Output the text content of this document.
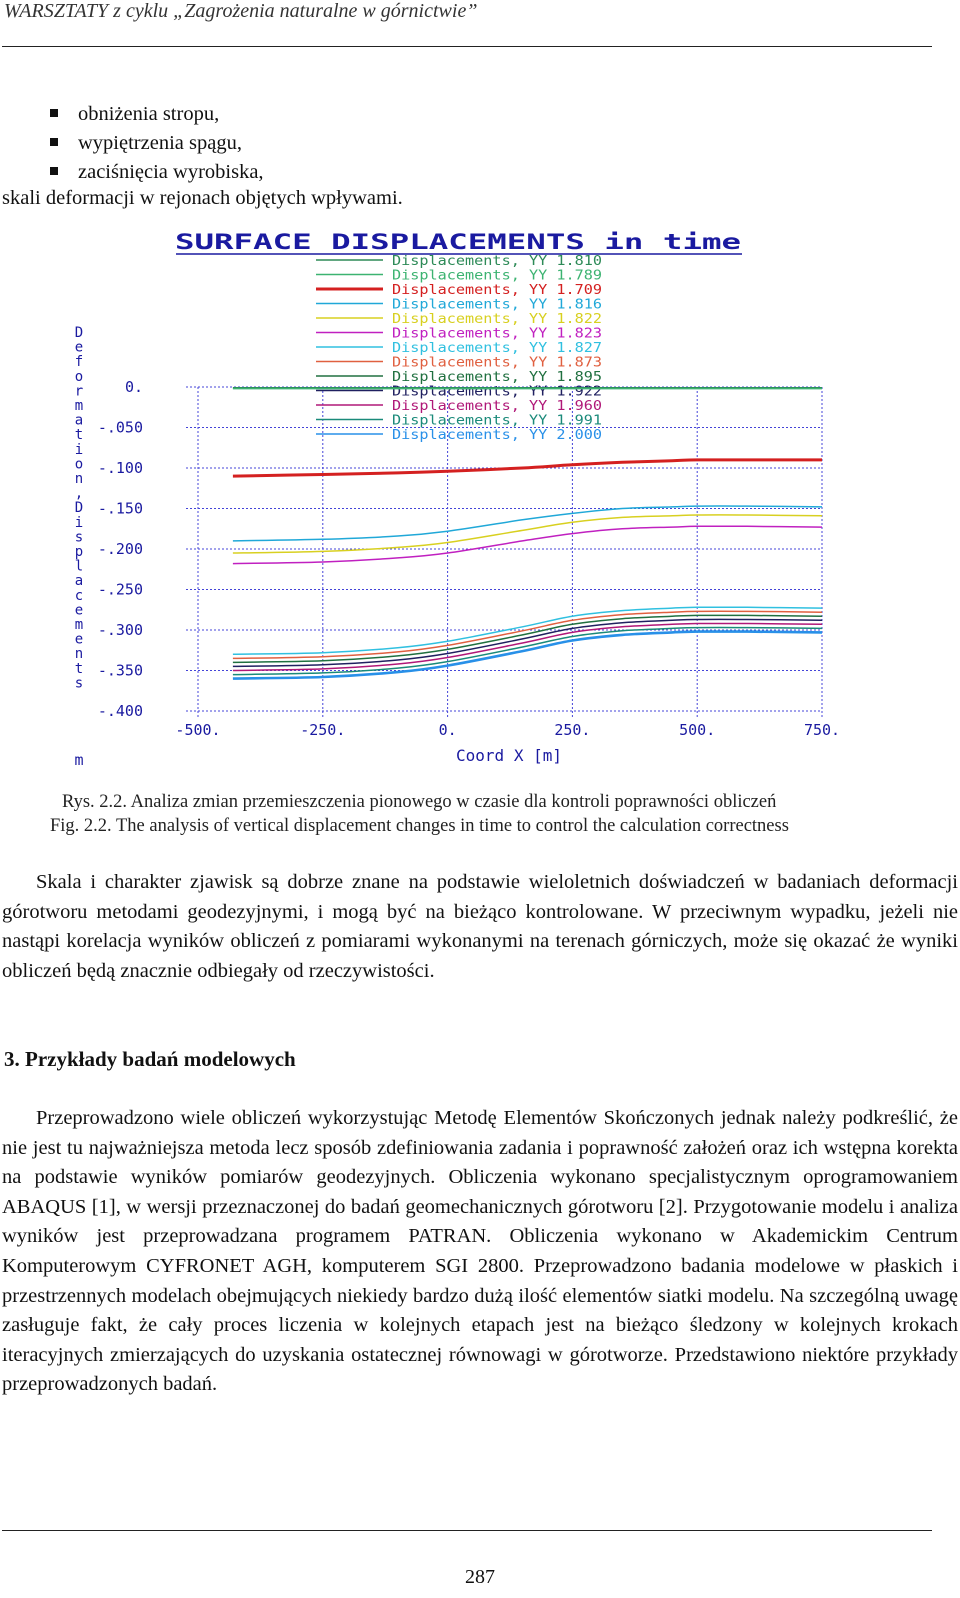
WARSZTATY z cyklu „Zagrożenia naturalne w górnictwie”
obniżenia stropu,
wypiętrzenia spągu,
zaciśnięcia wyrobiska,
skali deformacji w rejonach objętych wpływami.
SURFACE DISPLACEMENTS in time
Displacements, YY 1.810
Displacements, YY 1.789
Displacements, YY 1.709
Displacements, YY 1.816
Displacements, YY 1.822
Displacements, YY 1.823
Displacements, YY 1.827
Displacements, YY 1.873
Displacements, YY 1.895
Displacements, YY 1.922
Displacements, YY 1.960
Displacements, YY 1.991
Displacements, YY 2.000
0.
-.050
-.100
-.150
-.200
-.250
-.300
-.350
-.400
-500.	-250.	0.	250.	500.	750.
D
e
f
o
r
m
a
t
i
o
n
,
D
i
s
p
l
a
c
e
m
e
n
t
s
m	Coord X [m]
Rys. 2.2. Analiza zmian przemieszczenia pionowego w czasie dla kontroli poprawności obliczeń
Fig. 2.2. The analysis of vertical displacement changes in time to control the calculation correctness
Skala i charakter zjawisk są dobrze znane na podstawie wieloletnich doświadczeń w badaniach deformacji górotworu metodami geodezyjnymi, i mogą być na bieżąco kontrolowane. W przeciwnym wypadku, jeżeli nie nastąpi korelacja wyników obliczeń z pomiarami wykonanymi na terenach górniczych, może się okazać że wyniki obliczeń będą znacznie odbiegały od rzeczywistości.
3. Przykłady badań modelowych
Przeprowadzono wiele obliczeń wykorzystując Metodę Elementów Skończonych jednak należy podkreślić, że nie jest tu najważniejsza metoda lecz sposób zdefiniowania zadania i poprawność założeń oraz ich wstępna korekta na podstawie wyników pomiarów geodezyjnych. Obliczenia wykonano specjalistycznym oprogramowaniem ABAQUS [1], w wersji przeznaczonej do badań geomechanicznych górotworu [2]. Przygotowanie modelu i analiza wyników jest przeprowadzana programem PATRAN. Obliczenia wykonano w Akademickim Centrum Komputerowym CYFRONET AGH, komputerem SGI 2800. Przeprowadzono badania modelowe w płaskich i przestrzennych modelach obejmujących niekiedy bardzo dużą ilość elementów siatki modelu. Na szczególną uwagę zasługuje fakt, że cały proces liczenia w kolejnych etapach jest na bieżąco śledzony w kolejnych krokach iteracyjnych zmierzających do uzyskania ostatecznej równowagi w górotworze. Przedstawiono niektóre przykłady przeprowadzonych badań.
287
